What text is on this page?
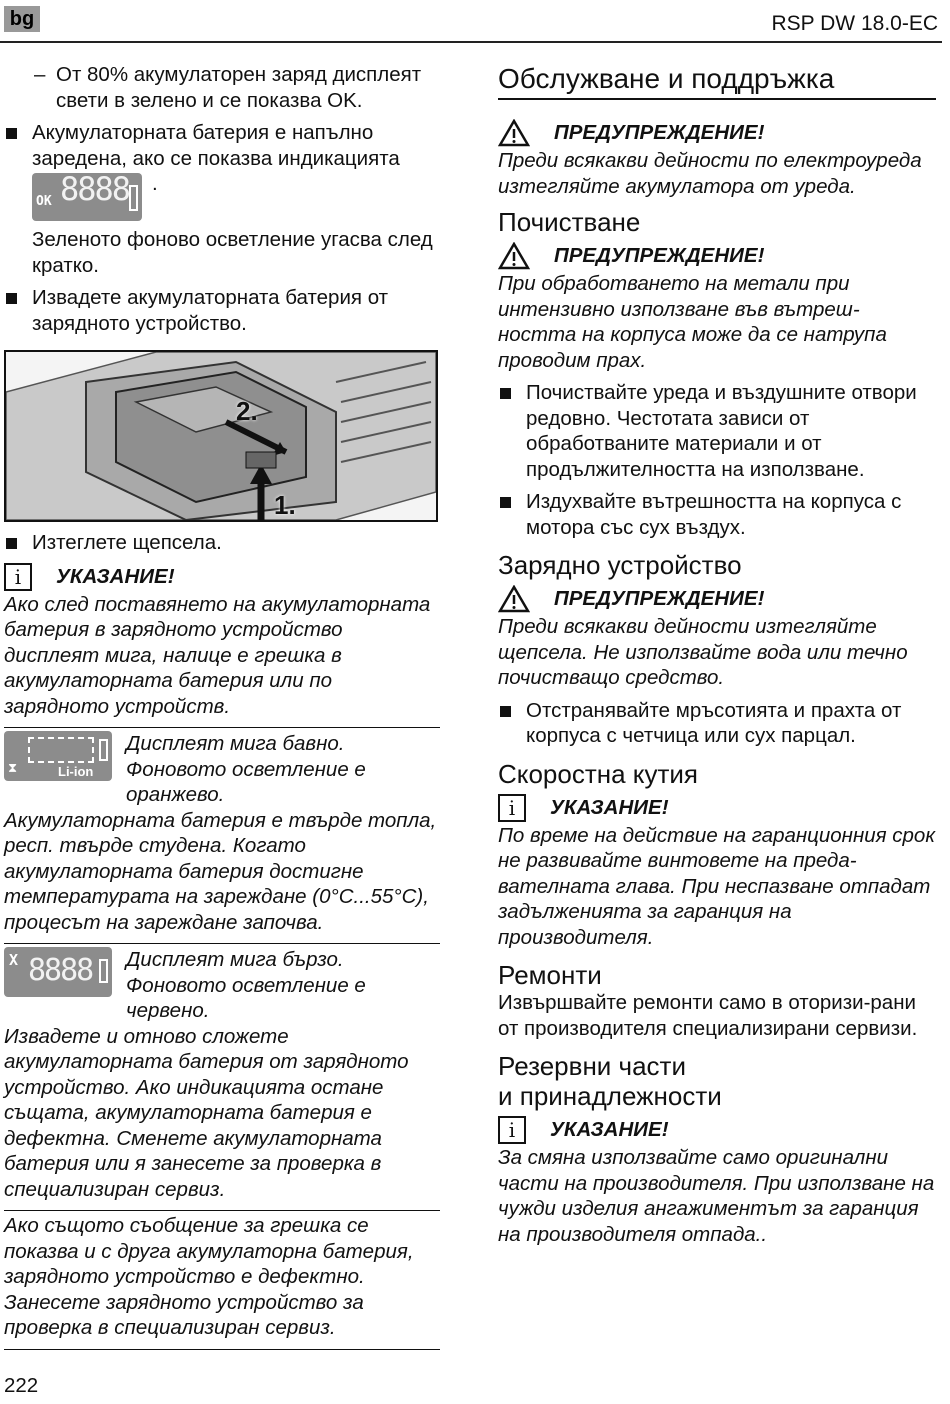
bg	RSP DW 18.0-EC
– От 80% акумулаторен заряд дисплеят свети в зелено и се показва OK.
Акумулаторната батерия е напълно заредена, ако се показва индикацията
OK 8888 .
Зеленото фоново осветление угасва след кратко.
Извадете акумулаторната батерия от зарядното устройство.
2.
1.
Изтеглете щепсела.
i	УКАЗАНИЕ!

Ако след поставянето на акумулаторната батерия в зарядното устройство дисплеят мига, налице е грешка в акумулаторната батерия или по зарядното устройств.

⧗	Li-ion
Дисплеят мига бавно. Фоновото осветление е оранжево.

Акумулаторната батерия е твърде топла, респ. твърде студена. Когато акумулаторната батерия достигне температурата на зареждане (0°C...55°C), процесът на зареждане започва.

X 8888 Дисплеят мига бързо. Фоновото осветление е червено.

Извадете и отново сложете акумулаторната батерия от зарядното устройство. Ако индикацията остане същата, акумулаторната батерия е дефектна. Сменете акумулаторната батерия или я занесете за проверка в специализиран сервиз.

Ако същото съобщение за грешка се показва и с друга акумулаторна батерия, зарядното устройство е дефектно. Занесете зарядното устройство за проверка в специализиран сервиз.

Обслужване и поддръжка
ПРЕДУПРЕЖДЕНИЕ!

Преди всякакви дейности по електроуреда изтегляйте акумулатора от уреда.

Почистване
ПРЕДУПРЕЖДЕНИЕ!

При обработването на метали при интензивно използване във вътреш-ността на корпуса може да се натрупа проводим прах.

Почиствайте уреда и въздушните отвори редовно. Честотата зависи от обработваните материали и от продължителността на използване.
Издухвайте вътрешността на корпуса с мотора със сух въздух.
Зарядно устройство
ПРЕДУПРЕЖДЕНИЕ!

Преди всякакви дейности изтегляйте щепсела. Не използвайте вода или течно почистващо средство.

Отстранявайте мръсотията и прахта от корпуса с четчица или сух парцал.
Скоростна кутия
i	УКАЗАНИЕ!

По време на действие на гаранционния срок не развивайте винтовете на преда-вателната глава. При неспазване отпадат задълженията за гаранция на производителя.

Ремонти

Извършвайте ремонти само в оторизи-рани от производителя специализирани сервизи.

Резервни части
и принадлежности
i	УКАЗАНИЕ!

За смяна използвайте само оригинални части на производителя. При използване на чужди изделия ангажиментът за гаранция на производителя отпада..

222
